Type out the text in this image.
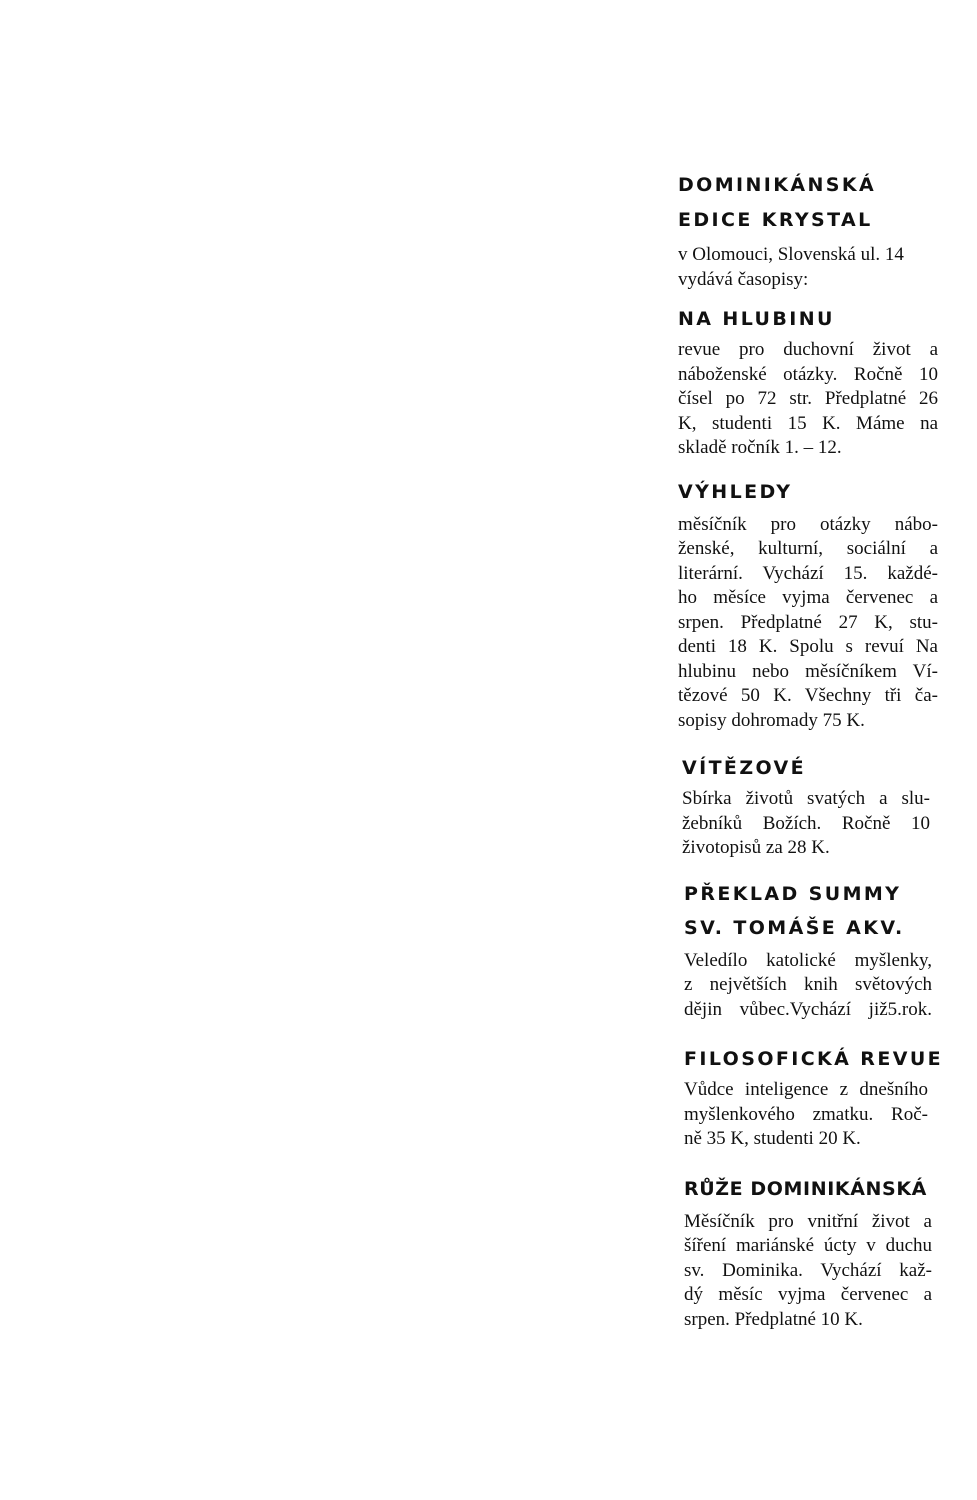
DOMINIKÁNSKÁ

EDICE KRYSTAL

v Olomouci, Slovenská ul. 14
vydává časopisy:

NA HLUBINU

revue pro duchovní život a
náboženské otázky. Ročně 10
čísel po 72 str. Předplatné 26
K, studenti 15 K. Máme na
skladě ročník 1. – 12.

VÝHLEDY

měsíčník pro otázky nábo-
ženské, kulturní, sociální a
literární. Vychází 15. každé-
ho měsíce vyjma červenec a
srpen. Předplatné 27 K, stu-
denti 18 K. Spolu s revuí Na
hlubinu nebo měsíčníkem Ví-
tězové 50 K. Všechny tři ča-
sopisy dohromady 75 K.

VÍTĚZOVÉ

Sbírka životů svatých a slu-
žebníků Božích. Ročně 10
životopisů za 28 K.

PŘEKLAD SUMMY

SV. TOMÁŠE AKV.

Veledílo katolické myšlenky,
z největších knih světových
dějin vůbec.Vychází již5.rok.

FILOSOFICKÁ REVUE

Vůdce inteligence z dnešního
myšlenkového zmatku. Roč-
ně 35 K, studenti 20 K.

RŮŽE DOMINIKÁNSKÁ

Měsíčník pro vnitřní život a
šíření mariánské úcty v duchu
sv. Dominika. Vychází kaž-
dý měsíc vyjma červenec a
srpen. Předplatné 10 K.
